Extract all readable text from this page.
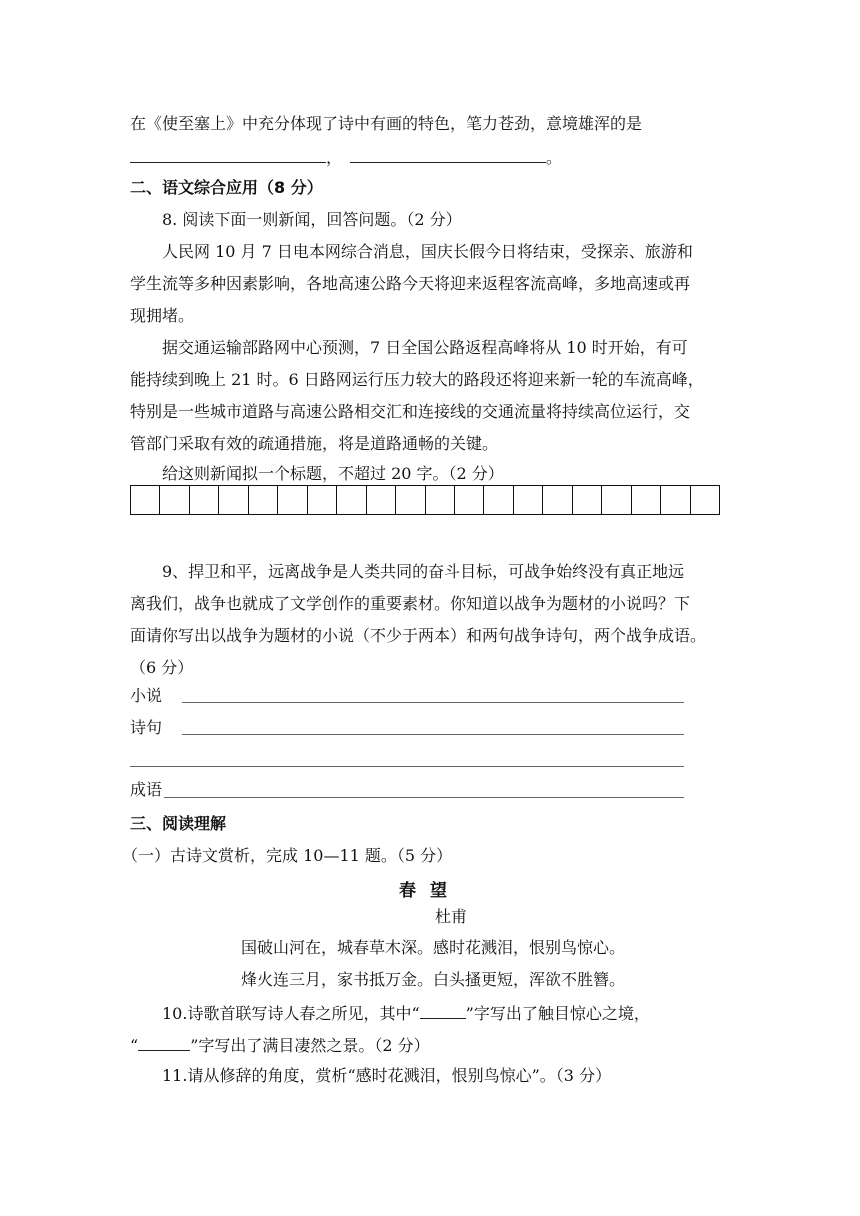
在《使至塞上》中充分体现了诗中有画的特色，笔力苍劲，意境雄浑的是
，	。
二、语文综合应用（8 分）
8. 阅读下面一则新闻，回答问题。（2 分）
人民网 10 月 7 日电本网综合消息，国庆长假今日将结束，受探亲、旅游和
学生流等多种因素影响，各地高速公路今天将迎来返程客流高峰，多地高速或再
现拥堵。
据交通运输部路网中心预测，7 日全国公路返程高峰将从 10 时开始，有可
能持续到晚上 21 时。6 日路网运行压力较大的路段还将迎来新一轮的车流高峰，
特别是一些城市道路与高速公路相交汇和连接线的交通流量将持续高位运行，交
管部门采取有效的疏通措施，将是道路通畅的关键。
给这则新闻拟一个标题，不超过 20 字。（2 分）
9、捍卫和平，远离战争是人类共同的奋斗目标，可战争始终没有真正地远
离我们，战争也就成了文学创作的重要素材。你知道以战争为题材的小说吗？下
面请你写出以战争为题材的小说（不少于两本）和两句战争诗句，两个战争成语。
（6 分）
小说
诗句
成语
三、阅读理解
（一）古诗文赏析，完成 10—11 题。（5 分）
春望
杜甫
国破山河在，城春草木深。感时花溅泪，恨别鸟惊心。
烽火连三月，家书抵万金。白头搔更短，浑欲不胜簪。
10.诗歌首联写诗人春之所见，其中“	”字写出了触目惊心之境，
“	”字写出了满目凄然之景。（2 分）
11.请从修辞的角度，赏析“感时花溅泪，恨别鸟惊心”。（3 分）
